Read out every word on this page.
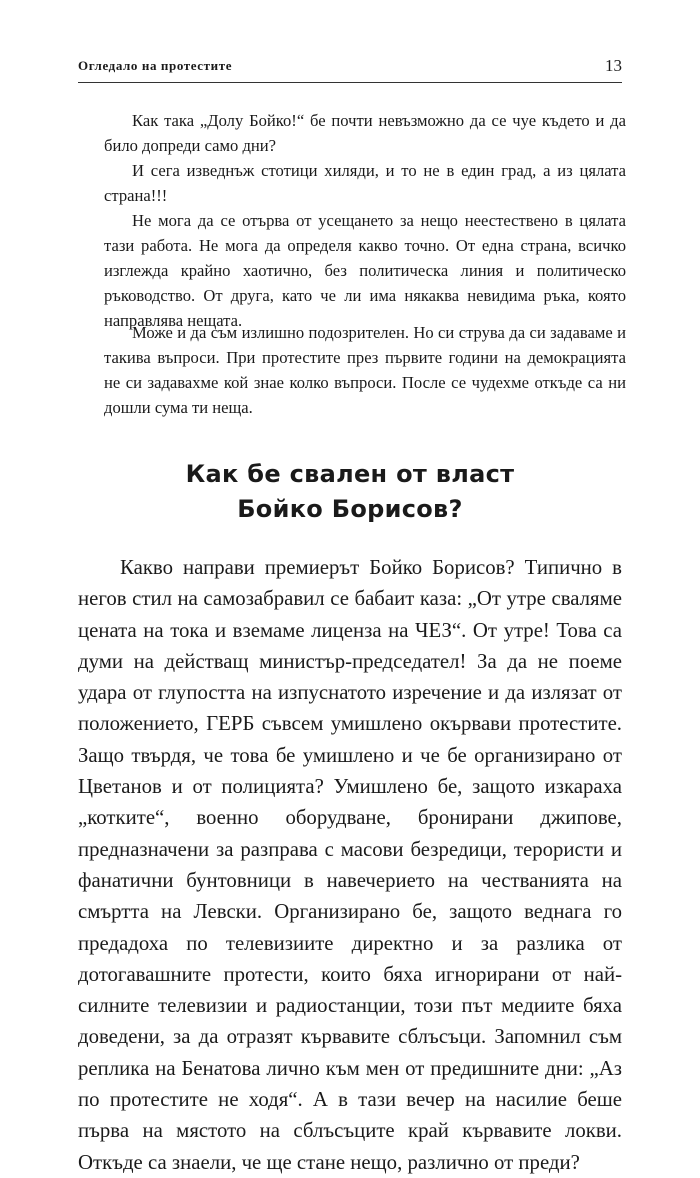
Огледало на протестите	13

Как така „Долу Бойко!“ бе почти невъзможно да се чуе където и да било допреди само дни?

И сега изведнъж стотици хиляди, и то не в един град, а из цялата страна!!!

Не мога да се отърва от усещането за нещо неестествено в цялата тази работа. Не мога да определя какво точно. От една страна, всичко изглежда крайно хаотично, без политическа линия и политическо ръководство. От друга, като че ли има някаква невидима ръка, която направлява нещата.

Може и да съм излишно подозрителен. Но си струва да си задаваме и такива въпроси. При протестите през първите години на демокрацията не си задавахме кой знае колко въпроси. После се чудехме откъде са ни дошли сума ти неща.

Как бе свален от власт
Бойко Борисов?

Какво направи премиерът Бойко Борисов? Типично в негов стил на самозабравил се бабаит каза: „От утре сваляме цената на тока и вземаме лиценза на ЧЕЗ“. От утре! Това са думи на действащ министър-председател! За да не поеме удара от глупостта на изпуснатото изречение и да излязат от положението, ГЕРБ съвсем умишлено окървави протестите. Защо твърдя, че това бе умишлено и че бе организирано от Цветанов и от полицията? Умишлено бе, защото изкараха „котките“, военно оборудване, бронирани джипове, предназначени за разправа с масови безредици, терористи и фанатични бунтовници в навечерието на честванията на смъртта на Левски. Организирано бе, защото веднага го предадоха по телевизиите директно и за разлика от дотогавашните протести, които бяха игнорирани от най-силните телевизии и радиостанции, този път медиите бяха доведени, за да отразят кървавите сблъсъци. Запомнил съм реплика на Бенатова лично към мен от предишните дни: „Аз по протестите не ходя“. А в тази вечер на насилие беше първа на мястото на сблъсъците край кървавите локви. Откъде са знаели, че ще стане нещо, различно от преди?
